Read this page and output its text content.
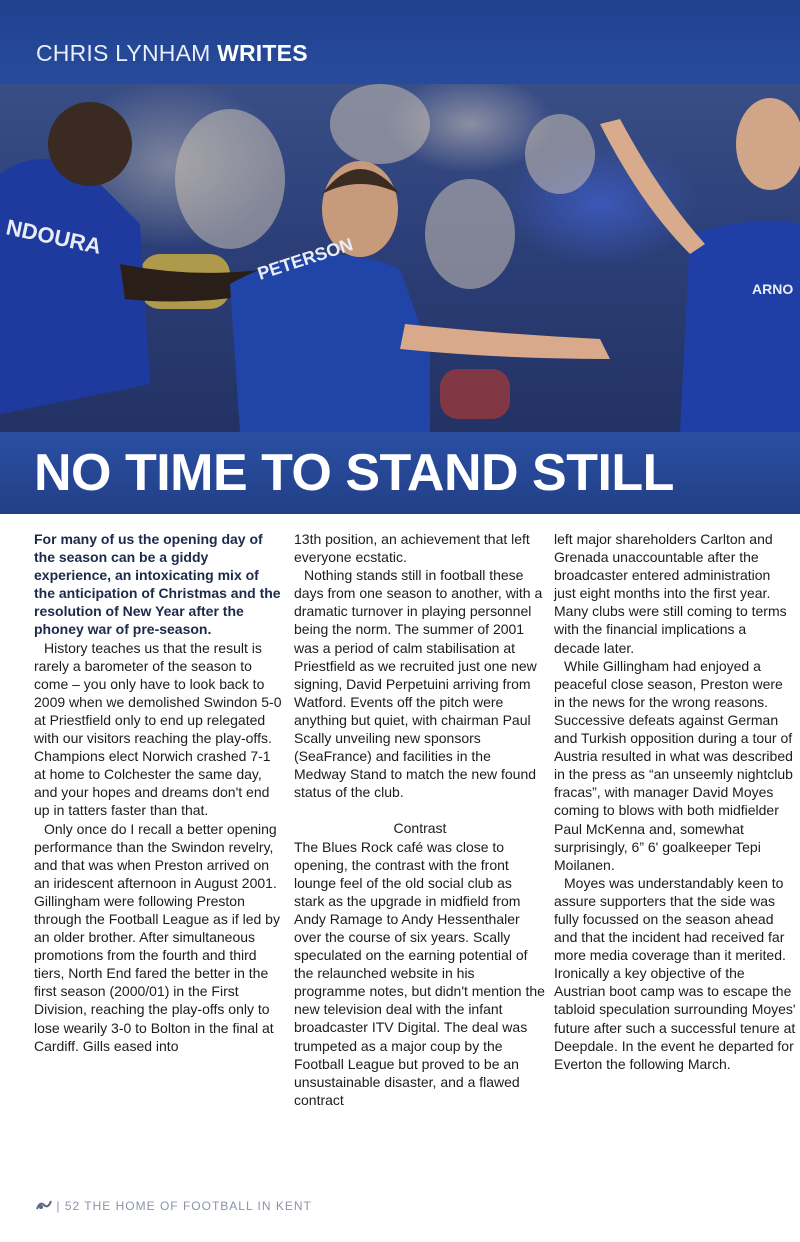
CHRIS LYNHAM WRITES
NDOURA	PETERSON
ARNO
NO TIME TO STAND STILL

For many of us the opening day of the season can be a giddy experience, an intoxicating mix of the anticipation of Christmas and the resolution of New Year after the phoney war of pre-season.

History teaches us that the result is rarely a barometer of the season to come – you only have to look back to 2009 when we demolished Swindon 5-0 at Priestfield only to end up relegated with our visitors reaching the play-offs. Champions elect Norwich crashed 7-1 at home to Colchester the same day, and your hopes and dreams don't end up in tatters faster than that.

Only once do I recall a better opening performance than the Swindon revelry, and that was when Preston arrived on an iridescent afternoon in August 2001. Gillingham were following Preston through the Football League as if led by an older brother. After simultaneous promotions from the fourth and third tiers, North End fared the better in the first season (2000/01) in the First Division, reaching the play-offs only to lose wearily 3-0 to Bolton in the final at Cardiff. Gills eased into

13th position, an achievement that left everyone ecstatic.

Nothing stands still in football these days from one season to another, with a dramatic turnover in playing personnel being the norm. The summer of 2001 was a period of calm stabilisation at Priestfield as we recruited just one new signing, David Perpetuini arriving from Watford. Events off the pitch were anything but quiet, with chairman Paul Scally unveiling new sponsors (SeaFrance) and facilities in the Medway Stand to match the new found status of the club.

Contrast

The Blues Rock café was close to opening, the contrast with the front lounge feel of the old social club as stark as the upgrade in midfield from Andy Ramage to Andy Hessenthaler over the course of six years. Scally speculated on the earning potential of the relaunched website in his programme notes, but didn't mention the new television deal with the infant broadcaster ITV Digital. The deal was trumpeted as a major coup by the Football League but proved to be an unsustainable disaster, and a flawed contract

left major shareholders Carlton and Grenada unaccountable after the broadcaster entered administration just eight months into the first year. Many clubs were still coming to terms with the financial implications a decade later.

While Gillingham had enjoyed a peaceful close season, Preston were in the news for the wrong reasons. Successive defeats against German and Turkish opposition during a tour of Austria resulted in what was described in the press as “an unseemly nightclub fracas”, with manager David Moyes coming to blows with both midfielder Paul McKenna and, somewhat surprisingly, 6” 6' goalkeeper Tepi Moilanen.

Moyes was understandably keen to assure supporters that the side was fully focussed on the season ahead and that the incident had received far more media coverage than it merited. Ironically a key objective of the Austrian boot camp was to escape the tabloid speculation surrounding Moyes' future after such a successful tenure at Deepdale. In the event he departed for Everton the following March.

| 52 THE HOME OF FOOTBALL IN KENT
